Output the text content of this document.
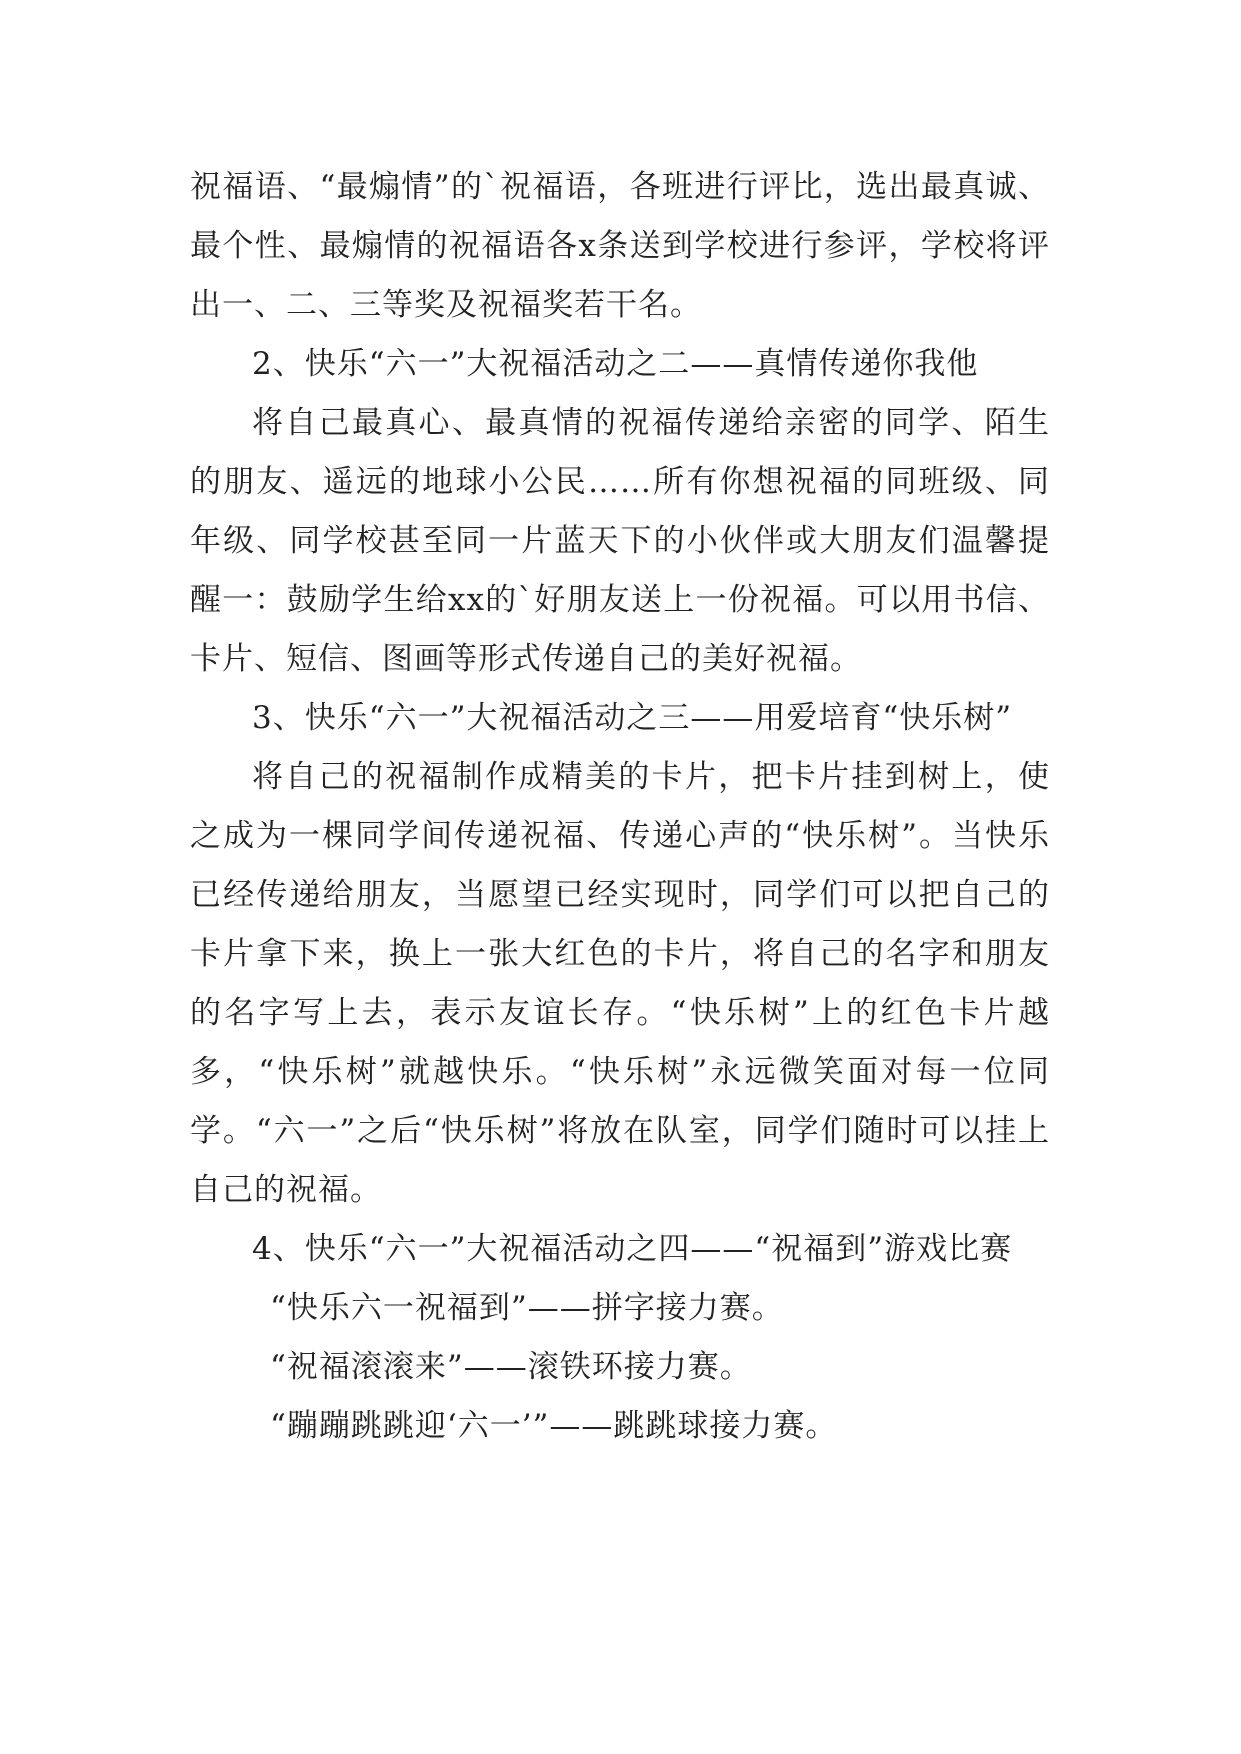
祝福语、“最煽情”的`祝福语，各班进行评比，选出最真诚、最个性、最煽情的祝福语各x条送到学校进行参评，学校将评出一、二、三等奖及祝福奖若干名。

2、快乐“六一”大祝福活动之二——真情传递你我他

将自己最真心、最真情的祝福传递给亲密的同学、陌生的朋友、遥远的地球小公民……所有你想祝福的同班级、同年级、同学校甚至同一片蓝天下的小伙伴或大朋友们温馨提醒一：鼓励学生给xx的`好朋友送上一份祝福。可以用书信、卡片、短信、图画等形式传递自己的美好祝福。

3、快乐“六一”大祝福活动之三——用爱培育“快乐树”

将自己的祝福制作成精美的卡片，把卡片挂到树上，使之成为一棵同学间传递祝福、传递心声的“快乐树”。当快乐已经传递给朋友，当愿望已经实现时，同学们可以把自己的卡片拿下来，换上一张大红色的卡片，将自己的名字和朋友的名字写上去，表示友谊长存。“快乐树”上的红色卡片越多，“快乐树”就越快乐。“快乐树”永远微笑面对每一位同学。“六一”之后“快乐树”将放在队室，同学们随时可以挂上自己的祝福。

4、快乐“六一”大祝福活动之四——“祝福到”游戏比赛

“快乐六一祝福到”——拼字接力赛。

“祝福滚滚来”——滚铁环接力赛。

“蹦蹦跳跳迎‘六一’”——跳跳球接力赛。
